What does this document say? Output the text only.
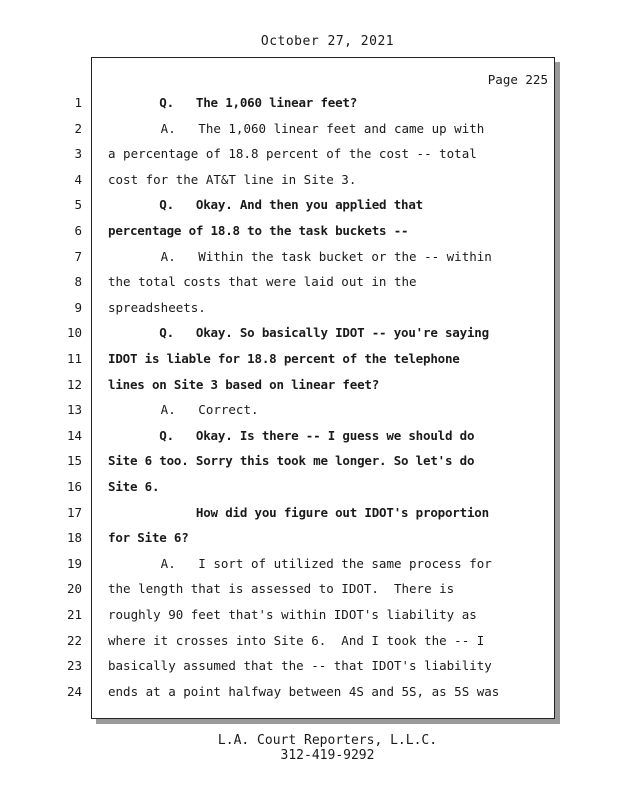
October 27, 2021
Page 225
1 Q.   The 1,060 linear feet?
2 A.   The 1,060 linear feet and came up with
3 a percentage of 18.8 percent of the cost -- total
4 cost for the AT&T line in Site 3.
5 Q.   Okay. And then you applied that
6 percentage of 18.8 to the task buckets --
7 A.   Within the task bucket or the -- within
8 the total costs that were laid out in the
9 spreadsheets.
10 Q.   Okay. So basically IDOT -- you're saying
11 IDOT is liable for 18.8 percent of the telephone
12 lines on Site 3 based on linear feet?
13 A.   Correct.
14 Q.   Okay. Is there -- I guess we should do
15 Site 6 too. Sorry this took me longer. So let's do
16 Site 6.
17 How did you figure out IDOT's proportion
18 for Site 6?
19 A.   I sort of utilized the same process for
20 the length that is assessed to IDOT.  There is
21 roughly 90 feet that's within IDOT's liability as
22 where it crosses into Site 6.  And I took the -- I
23 basically assumed that the -- that IDOT's liability
24 ends at a point halfway between 4S and 5S, as 5S was
L.A. Court Reporters, L.L.C.
312-419-9292
